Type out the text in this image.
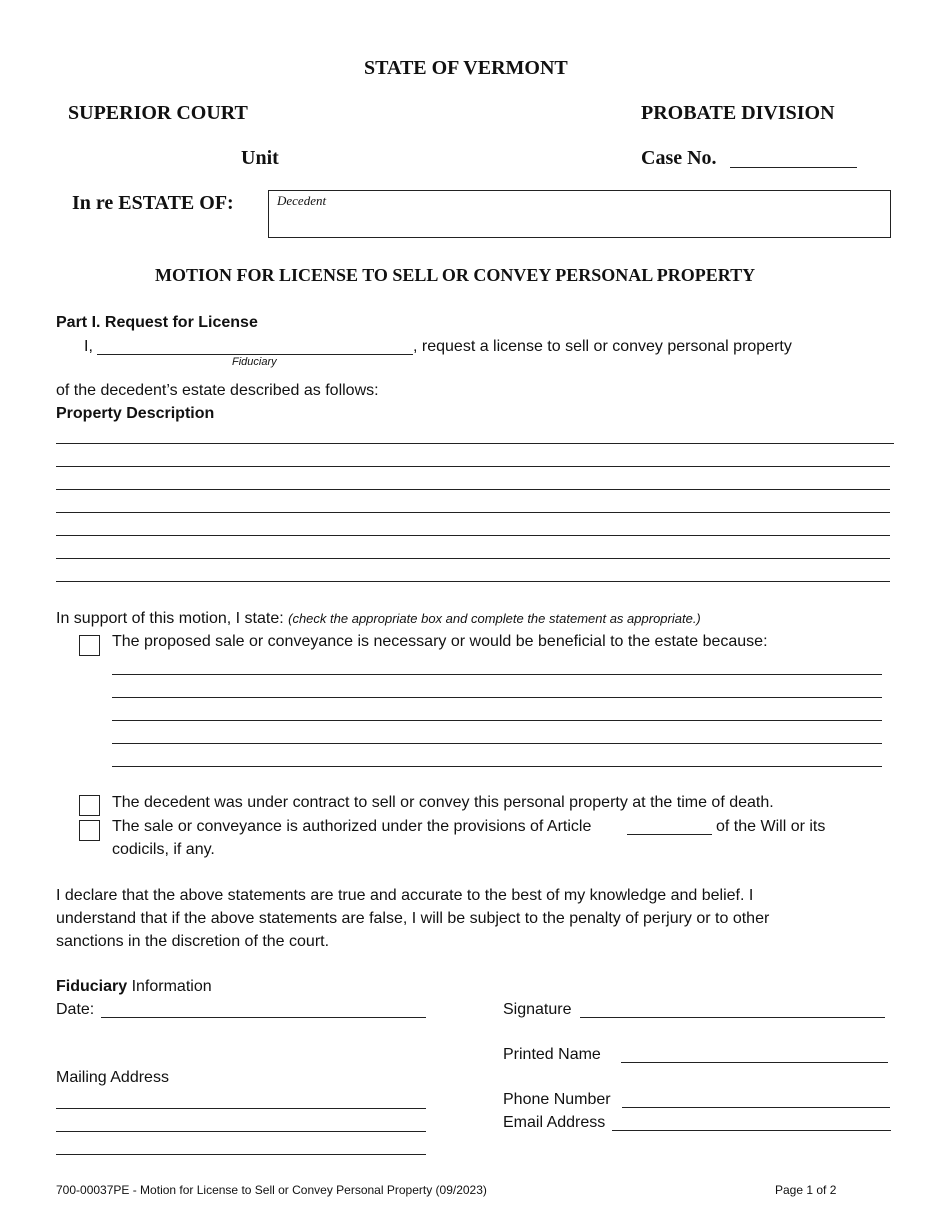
STATE OF VERMONT
SUPERIOR COURT	PROBATE DIVISION
Unit	Case No.
In re ESTATE OF:	Decedent
MOTION FOR LICENSE TO SELL OR CONVEY PERSONAL PROPERTY
Part I. Request for License
I,
Fiduciary
, request a license to sell or convey personal property
of the decedent’s estate described as follows:
Property Description
In support of this motion, I state: (check the appropriate box and complete the statement as appropriate.)
The proposed sale or conveyance is necessary or would be beneficial to the estate because:
The decedent was under contract to sell or convey this personal property at the time of death.
The sale or conveyance is authorized under the provisions of Article	of the Will or its
codicils, if any.
I declare that the above statements are true and accurate to the best of my knowledge and belief. I
understand that if the above statements are false, I will be subject to the penalty of perjury or to other
sanctions in the discretion of the court.
Fiduciary Information
Date:	Signature
Printed Name
Mailing Address
Phone Number
Email Address
700-00037PE - Motion for License to Sell or Convey Personal Property (09/2023)	Page 1 of 2
